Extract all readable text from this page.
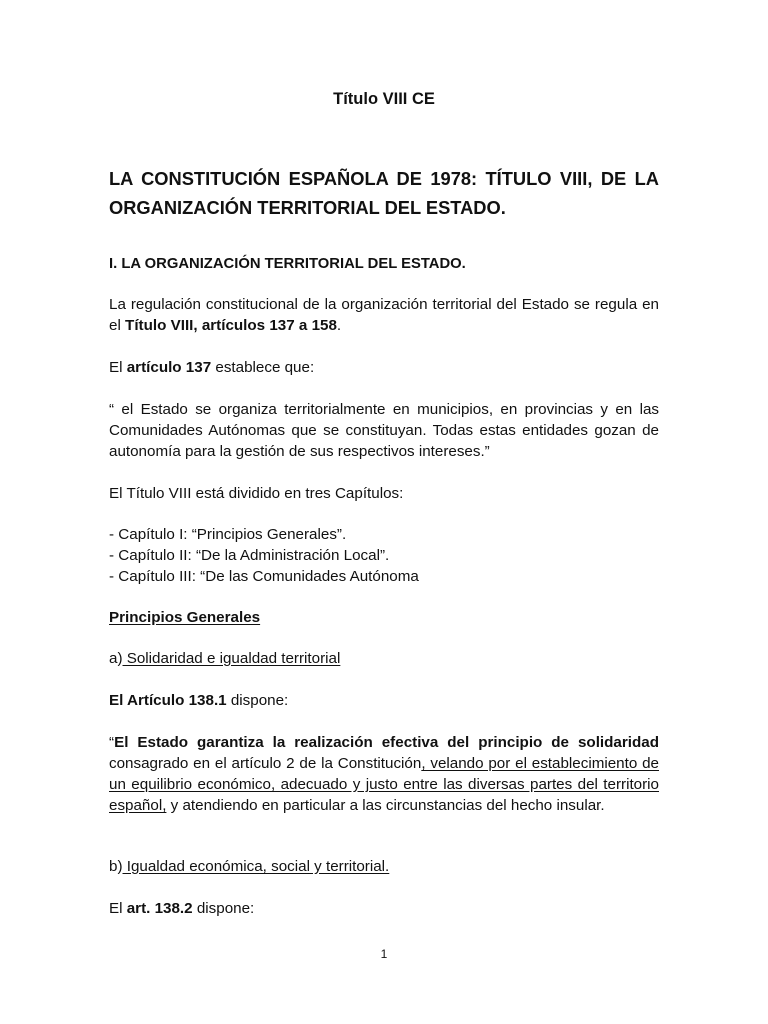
Título VIII CE
LA CONSTITUCIÓN ESPAÑOLA DE 1978: TÍTULO VIII, DE LA ORGANIZACIÓN TERRITORIAL DEL ESTADO.

I. LA ORGANIZACIÓN TERRITORIAL DEL ESTADO.

La regulación constitucional de la organización territorial del Estado se regula en el Título VIII, artículos 137 a 158.

El artículo 137 establece que:

“ el Estado se organiza territorialmente en municipios, en provincias y en las Comunidades Autónomas que se constituyan. Todas estas entidades gozan de autonomía para la gestión de sus respectivos intereses.”

El Título VIII está dividido en tres Capítulos:

- Capítulo I: “Principios Generales”.

- Capítulo II: “De la Administración Local”.

- Capítulo III: “De las Comunidades Autónoma

Principios Generales

a) Solidaridad e igualdad territorial

El Artículo 138.1 dispone:

“El Estado garantiza la realización efectiva del principio de solidaridad consagrado en el artículo 2 de la Constitución, velando por el establecimiento de un equilibrio económico, adecuado y justo entre las diversas partes del territorio español, y atendiendo en particular a las circunstancias del hecho insular.

b) Igualdad económica, social y territorial.

El art. 138.2 dispone:

1
